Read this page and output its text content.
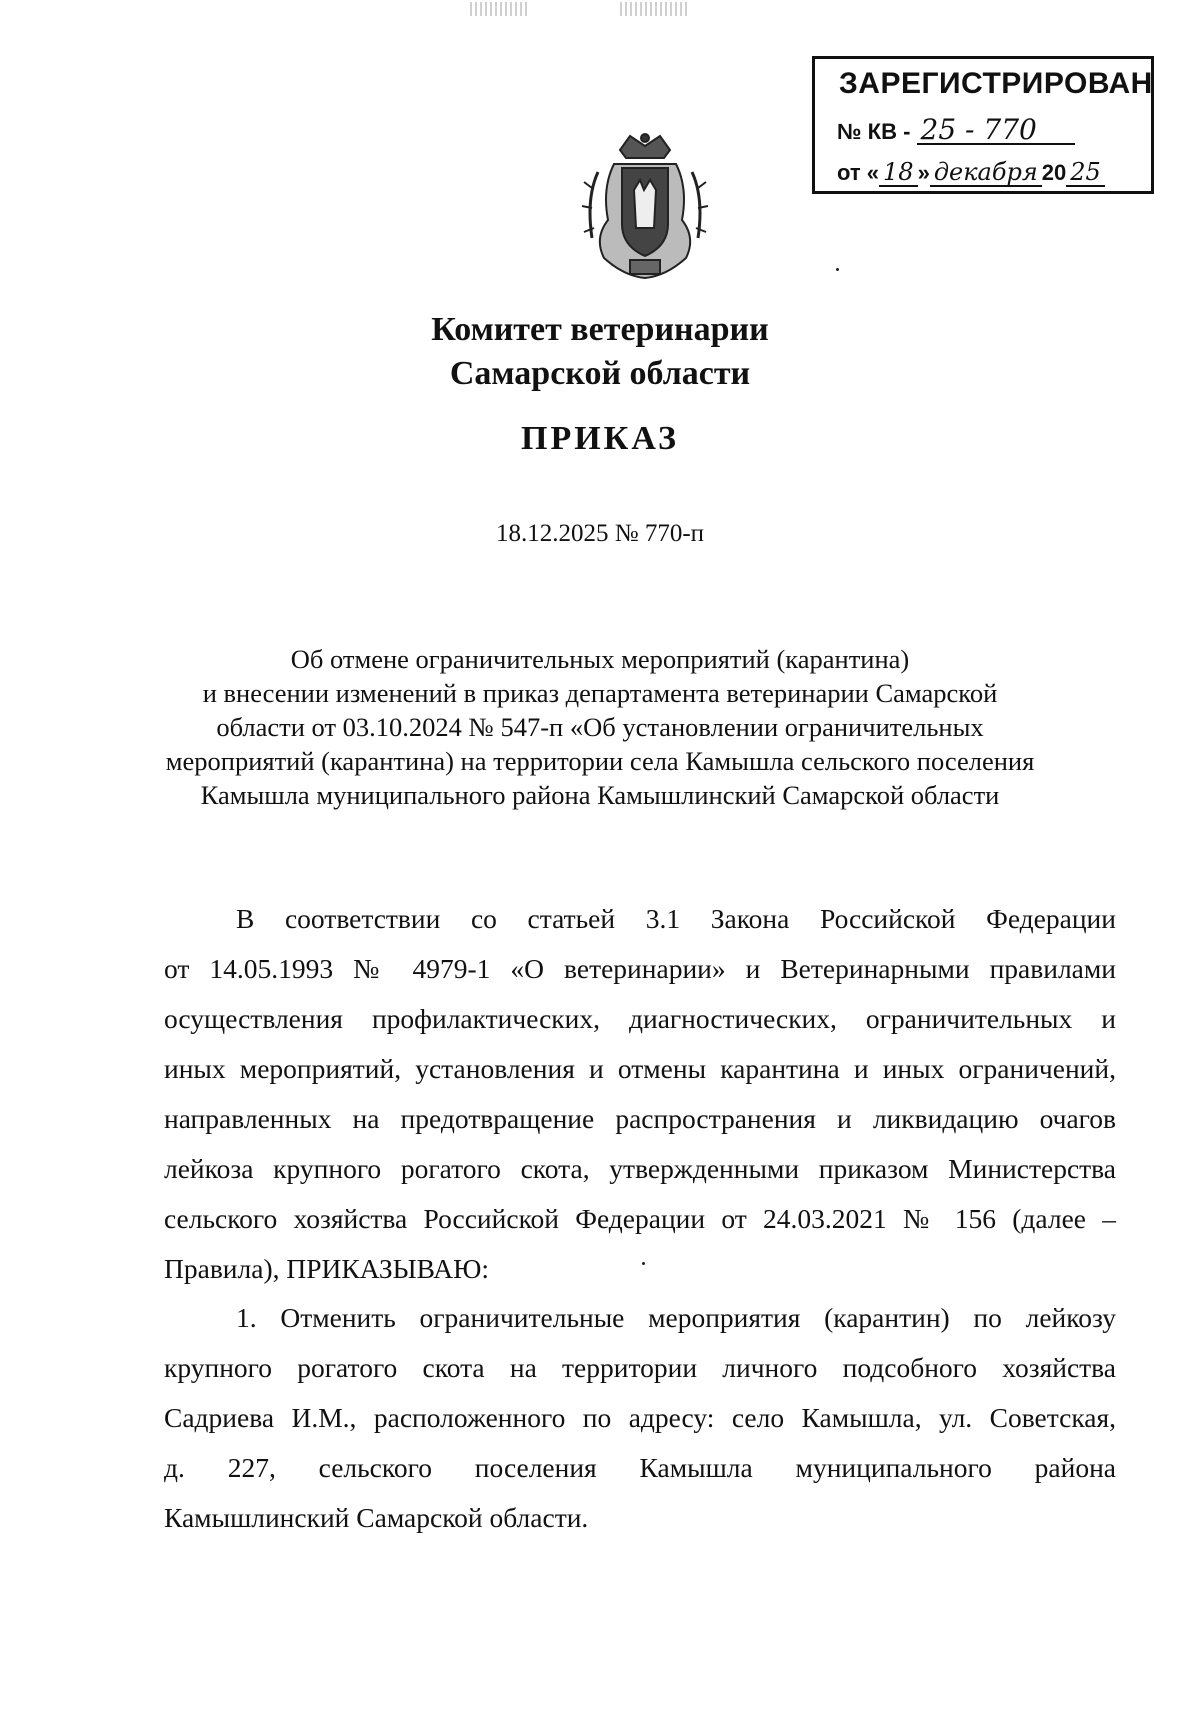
ЗАРЕГИСТРИРОВАН
№ КВ - 25 - 770
от « 18 » декабря 20 25
Комитет ветеринарии
Самарской области
ПРИКАЗ
18.12.2025 № 770-п
Об отмене ограничительных мероприятий (карантина)
и внесении изменений в приказ департамента ветеринарии Самарской
области от 03.10.2024 № 547-п «Об установлении ограничительных
мероприятий (карантина) на территории села Камышла сельского поселения
Камышла муниципального района Камышлинский Самарской области
В соответствии со статьей 3.1 Закона Российской Федерации
от 14.05.1993 № 4979-1 «О ветеринарии» и Ветеринарными правилами
осуществления профилактических, диагностических, ограничительных и
иных мероприятий, установления и отмены карантина и иных ограничений,
направленных на предотвращение распространения и ликвидацию очагов
лейкоза крупного рогатого скота, утвержденными приказом Министерства
сельского хозяйства Российской Федерации от 24.03.2021 № 156 (далее –
Правила), ПРИКАЗЫВАЮ:
1. Отменить ограничительные мероприятия (карантин) по лейкозу
крупного рогатого скота на территории личного подсобного хозяйства
Садриева И.М., расположенного по адресу: село Камышла, ул. Советская,
д. 227, сельского поселения Камышла муниципального района
Камышлинский Самарской области.
